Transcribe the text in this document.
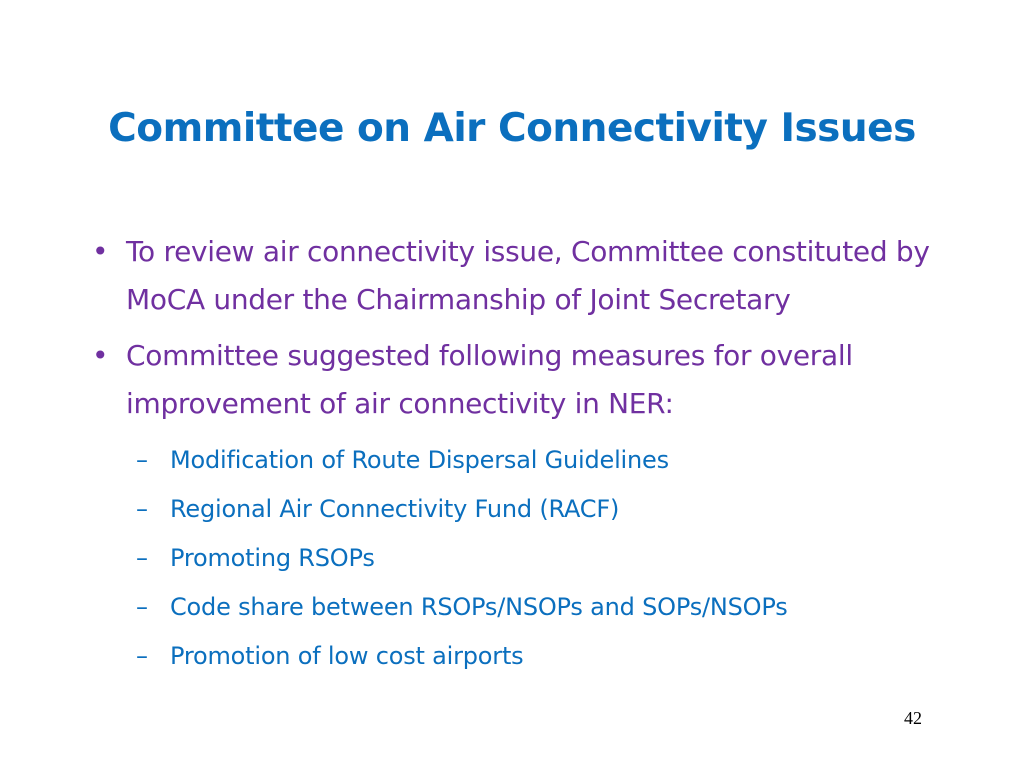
Committee on Air Connectivity Issues
• To review air connectivity issue, Committee constituted by MoCA under the Chairmanship of Joint Secretary
• Committee suggested following measures for overall improvement of air connectivity in NER:
– Modification of Route Dispersal Guidelines
– Regional Air Connectivity Fund (RACF)
– Promoting RSOPs
– Code share between RSOPs/NSOPs and SOPs/NSOPs
– Promotion of low cost airports
42
